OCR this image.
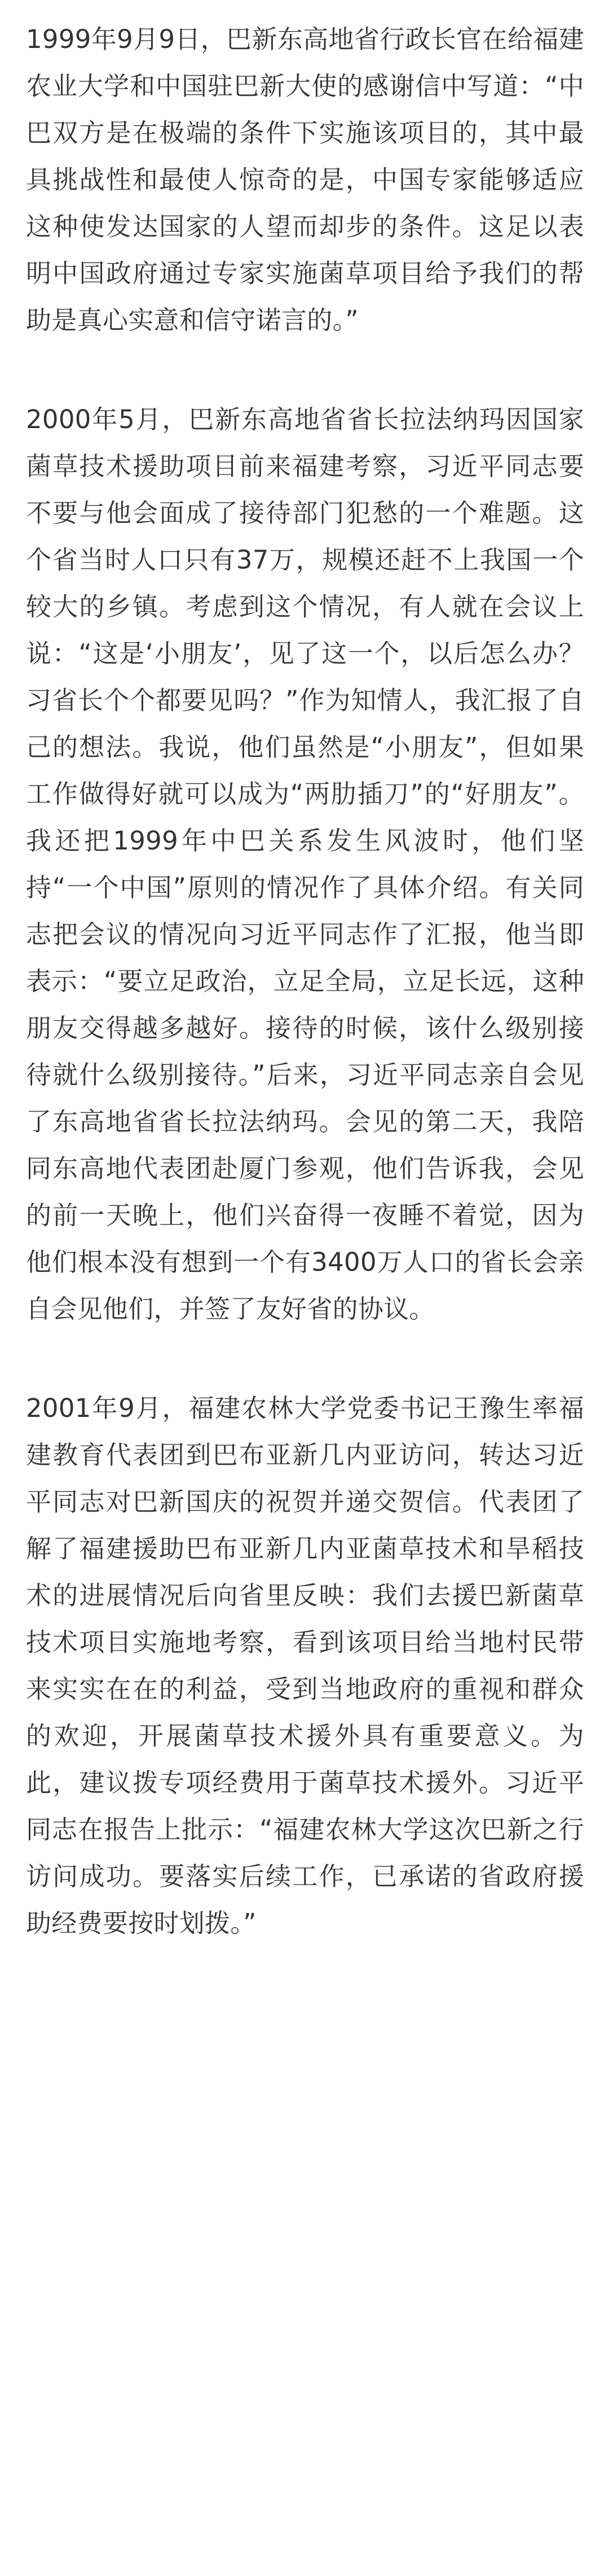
1999年9月9日，巴新东高地省行政长官在给福建农业大学和中国驻巴新大使的感谢信中写道：“中巴双方是在极端的条件下实施该项目的，其中最具挑战性和最使人惊奇的是，中国专家能够适应这种使发达国家的人望而却步的条件。这足以表明中国政府通过专家实施菌草项目给予我们的帮助是真心实意和信守诺言的。”

2000年5月，巴新东高地省省长拉法纳玛因国家菌草技术援助项目前来福建考察，习近平同志要不要与他会面成了接待部门犯愁的一个难题。这个省当时人口只有37万，规模还赶不上我国一个较大的乡镇。考虑到这个情况，有人就在会议上说：“这是‘小朋友’，见了这一个，以后怎么办？习省长个个都要见吗？”作为知情人，我汇报了自己的想法。我说，他们虽然是“小朋友”，但如果工作做得好就可以成为“两肋插刀”的“好朋友”。我还把1999年中巴关系发生风波时，他们坚持“一个中国”原则的情况作了具体介绍。有关同志把会议的情况向习近平同志作了汇报，他当即表示：“要立足政治，立足全局，立足长远，这种朋友交得越多越好。接待的时候，该什么级别接待就什么级别接待。”后来，习近平同志亲自会见了东高地省省长拉法纳玛。会见的第二天，我陪同东高地代表团赴厦门参观，他们告诉我，会见的前一天晚上，他们兴奋得一夜睡不着觉，因为他们根本没有想到一个有3400万人口的省长会亲自会见他们，并签了友好省的协议。

2001年9月，福建农林大学党委书记王豫生率福建教育代表团到巴布亚新几内亚访问，转达习近平同志对巴新国庆的祝贺并递交贺信。代表团了解了福建援助巴布亚新几内亚菌草技术和旱稻技术的进展情况后向省里反映：我们去援巴新菌草技术项目实施地考察，看到该项目给当地村民带来实实在在的利益，受到当地政府的重视和群众的欢迎，开展菌草技术援外具有重要意义。为此，建议拨专项经费用于菌草技术援外。习近平同志在报告上批示：“福建农林大学这次巴新之行访问成功。要落实后续工作，已承诺的省政府援助经费要按时划拨。”
